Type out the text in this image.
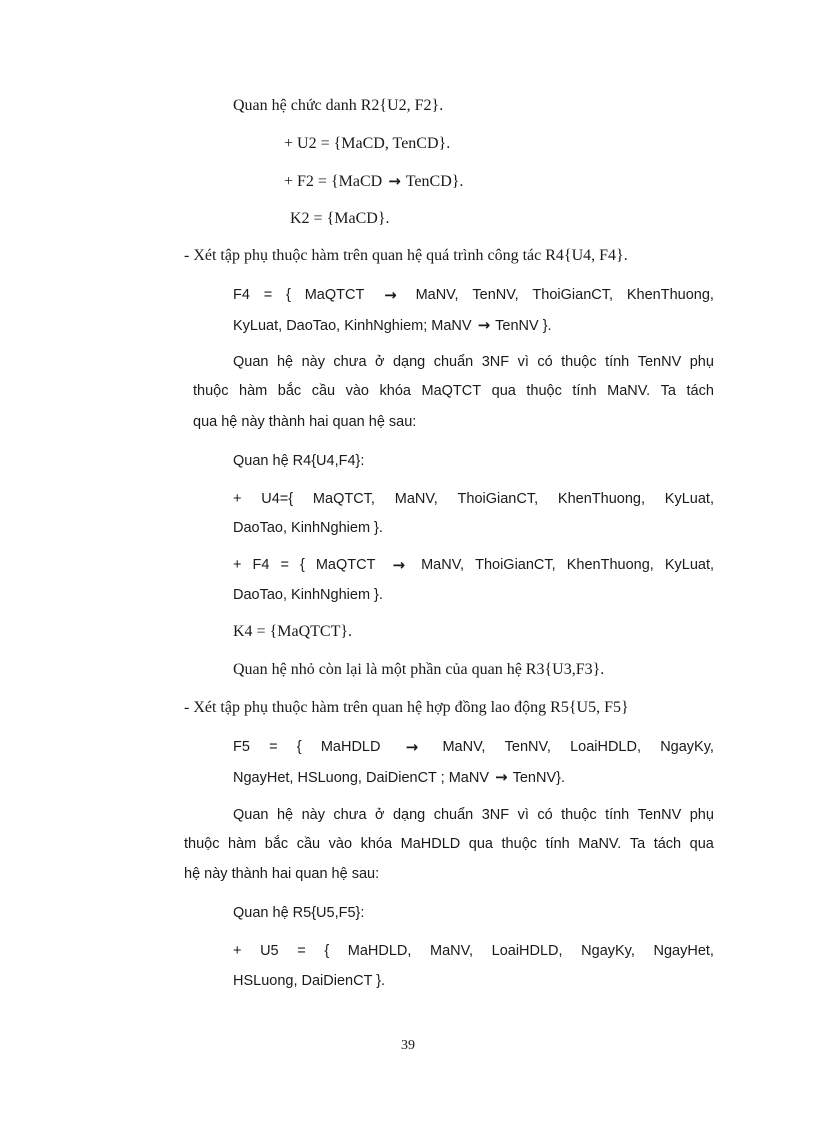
Quan hệ chức danh R2{U2, F2}.
+ U2 = {MaCD, TenCD}.
+ F2 = {MaCD → TenCD}.
K2 = {MaCD}.
- Xét tập phụ thuộc hàm trên quan hệ quá trình công tác R4{U4, F4}.
F4 = { MaQTCT → MaNV, TenNV, ThoiGianCT, KhenThuong,
KyLuat, DaoTao, KinhNghiem; MaNV → TenNV }.
Quan hệ này chưa ở dạng chuẩn 3NF vì có thuộc tính TenNV phụ
thuộc hàm bắc cầu vào khóa MaQTCT qua thuộc tính MaNV. Ta tách
qua hệ này thành hai quan hệ sau:
Quan hệ R4{U4,F4}:
+ U4={ MaQTCT, MaNV, ThoiGianCT, KhenThuong, KyLuat,
DaoTao, KinhNghiem }.
+ F4 = { MaQTCT → MaNV, ThoiGianCT, KhenThuong, KyLuat,
DaoTao, KinhNghiem }.
K4 = {MaQTCT}.
Quan hệ nhỏ còn lại là một phần của quan hệ R3{U3,F3}.
- Xét tập phụ thuộc hàm trên quan hệ hợp đồng lao động R5{U5, F5}
F5 = { MaHDLD → MaNV, TenNV, LoaiHDLD, NgayKy,
NgayHet, HSLuong, DaiDienCT ; MaNV → TenNV}.
Quan hệ này chưa ở dạng chuẩn 3NF vì có thuộc tính TenNV phụ
thuộc hàm bắc cầu vào khóa MaHDLD qua thuộc tính MaNV. Ta tách qua
hệ này thành hai quan hệ sau:
Quan hệ R5{U5,F5}:
+ U5 = { MaHDLD, MaNV, LoaiHDLD, NgayKy, NgayHet,
HSLuong, DaiDienCT }.
39
